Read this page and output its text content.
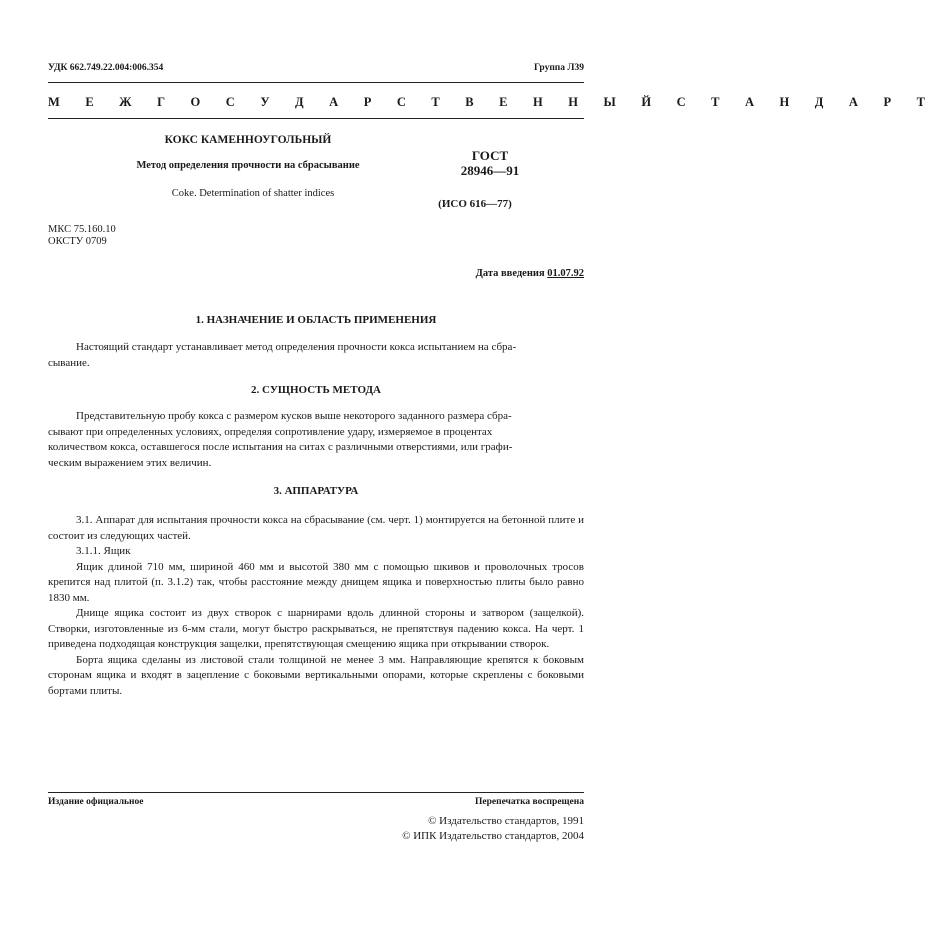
УДК 662.749.22.004:006.354	Группа Л39
М Е Ж Г О С У Д А Р С Т В Е Н Н Ы Й С Т А Н Д А Р Т
КОКС КАМЕННОУГОЛЬНЫЙ
Метод определения прочности на сбрасывание
Coke. Determination of shatter indices
ГОСТ
28946—91
(ИСО 616—77)
МКС 75.160.10
ОКСТУ 0709
Дата введения 01.07.92
1. НАЗНАЧЕНИЕ И ОБЛАСТЬ ПРИМЕНЕНИЯ
Настоящий стандарт устанавливает метод определения прочности кокса испытанием на сбра-
сывание.
2. СУЩНОСТЬ МЕТОДА
Представительную пробу кокса с размером кусков выше некоторого заданного размера сбра-
сывают при определенных условиях, определяя сопротивление удару, измеряемое в процентах
количеством кокса, оставшегося после испытания на ситах с различными отверстиями, или графи-
ческим выражением этих величин.
3. АППАРАТУРА

3.1. Аппарат для испытания прочности кокса на сбрасывание (см. черт. 1) монтируется на бетонной плите и состоит из следующих частей.

3.1.1. Ящик

Ящик длиной 710 мм, шириной 460 мм и высотой 380 мм с помощью шкивов и проволочных тросов крепится над плитой (п. 3.1.2) так, чтобы расстояние между днищем ящика и поверхностью плиты было равно 1830 мм.

Днище ящика состоит из двух створок с шарнирами вдоль длинной стороны и затвором (защелкой). Створки, изготовленные из 6-мм стали, могут быстро раскрываться, не препятствуя падению кокса. На черт. 1 приведена подходящая конструкция защелки, препятствующая смещению ящика при открывании створок.

Борта ящика сделаны из листовой стали толщиной не менее 3 мм. Направляющие крепятся к боковым сторонам ящика и входят в зацепление с боковыми вертикальными опорами, которые скреплены с боковыми бортами плиты.

Издание официальное	Перепечатка воспрещена
© Издательство стандартов, 1991
© ИПК Издательство стандартов, 2004
